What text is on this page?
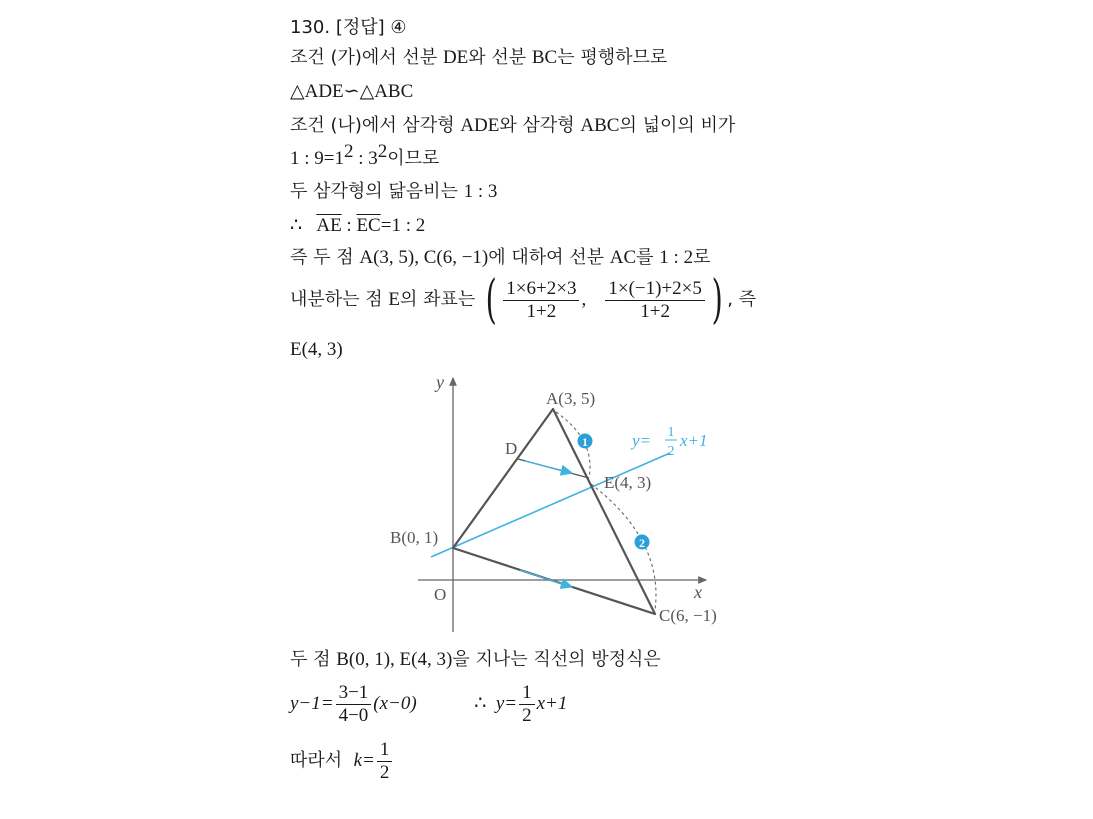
130. [정답] ④
조건 (가)에서 선분 DE와 선분 BC는 평행하므로
△ADE∽△ABC
조건 (나)에서 삼각형 ADE와 삼각형 ABC의 넓이의 비가
1 : $9=1^2$ : $3^2$이므로
두 삼각형의 닮음비는 1 : 3
∴ $\overline{AE}$ : $\overline{EC}=1$ : 2
즉 두 점 A(3, 5), C(6, −1)에 대하여 선분 AC를 1 : 2로
내분하는 점 E의 좌표는 ( $\frac{1\times 6+2\times 3}{1+2}$ , $\frac{1\times(-1)+2\times 5}{1+2}$ ) , 즉
E(4, 3)
y
x
O
1
2
A(3, 5)
B(0, 1)
C(6, −1)
D
E(4, 3)
y= 1
2
x+1
두 점 B(0, 1), E(4, 3)을 지나는 직선의 방정식은
$y-1= \frac{3-1}{4-0} (x-0)$	∴ $y= \frac{1}{2} x+1$
따라서  $k= \frac{1}{2}$
